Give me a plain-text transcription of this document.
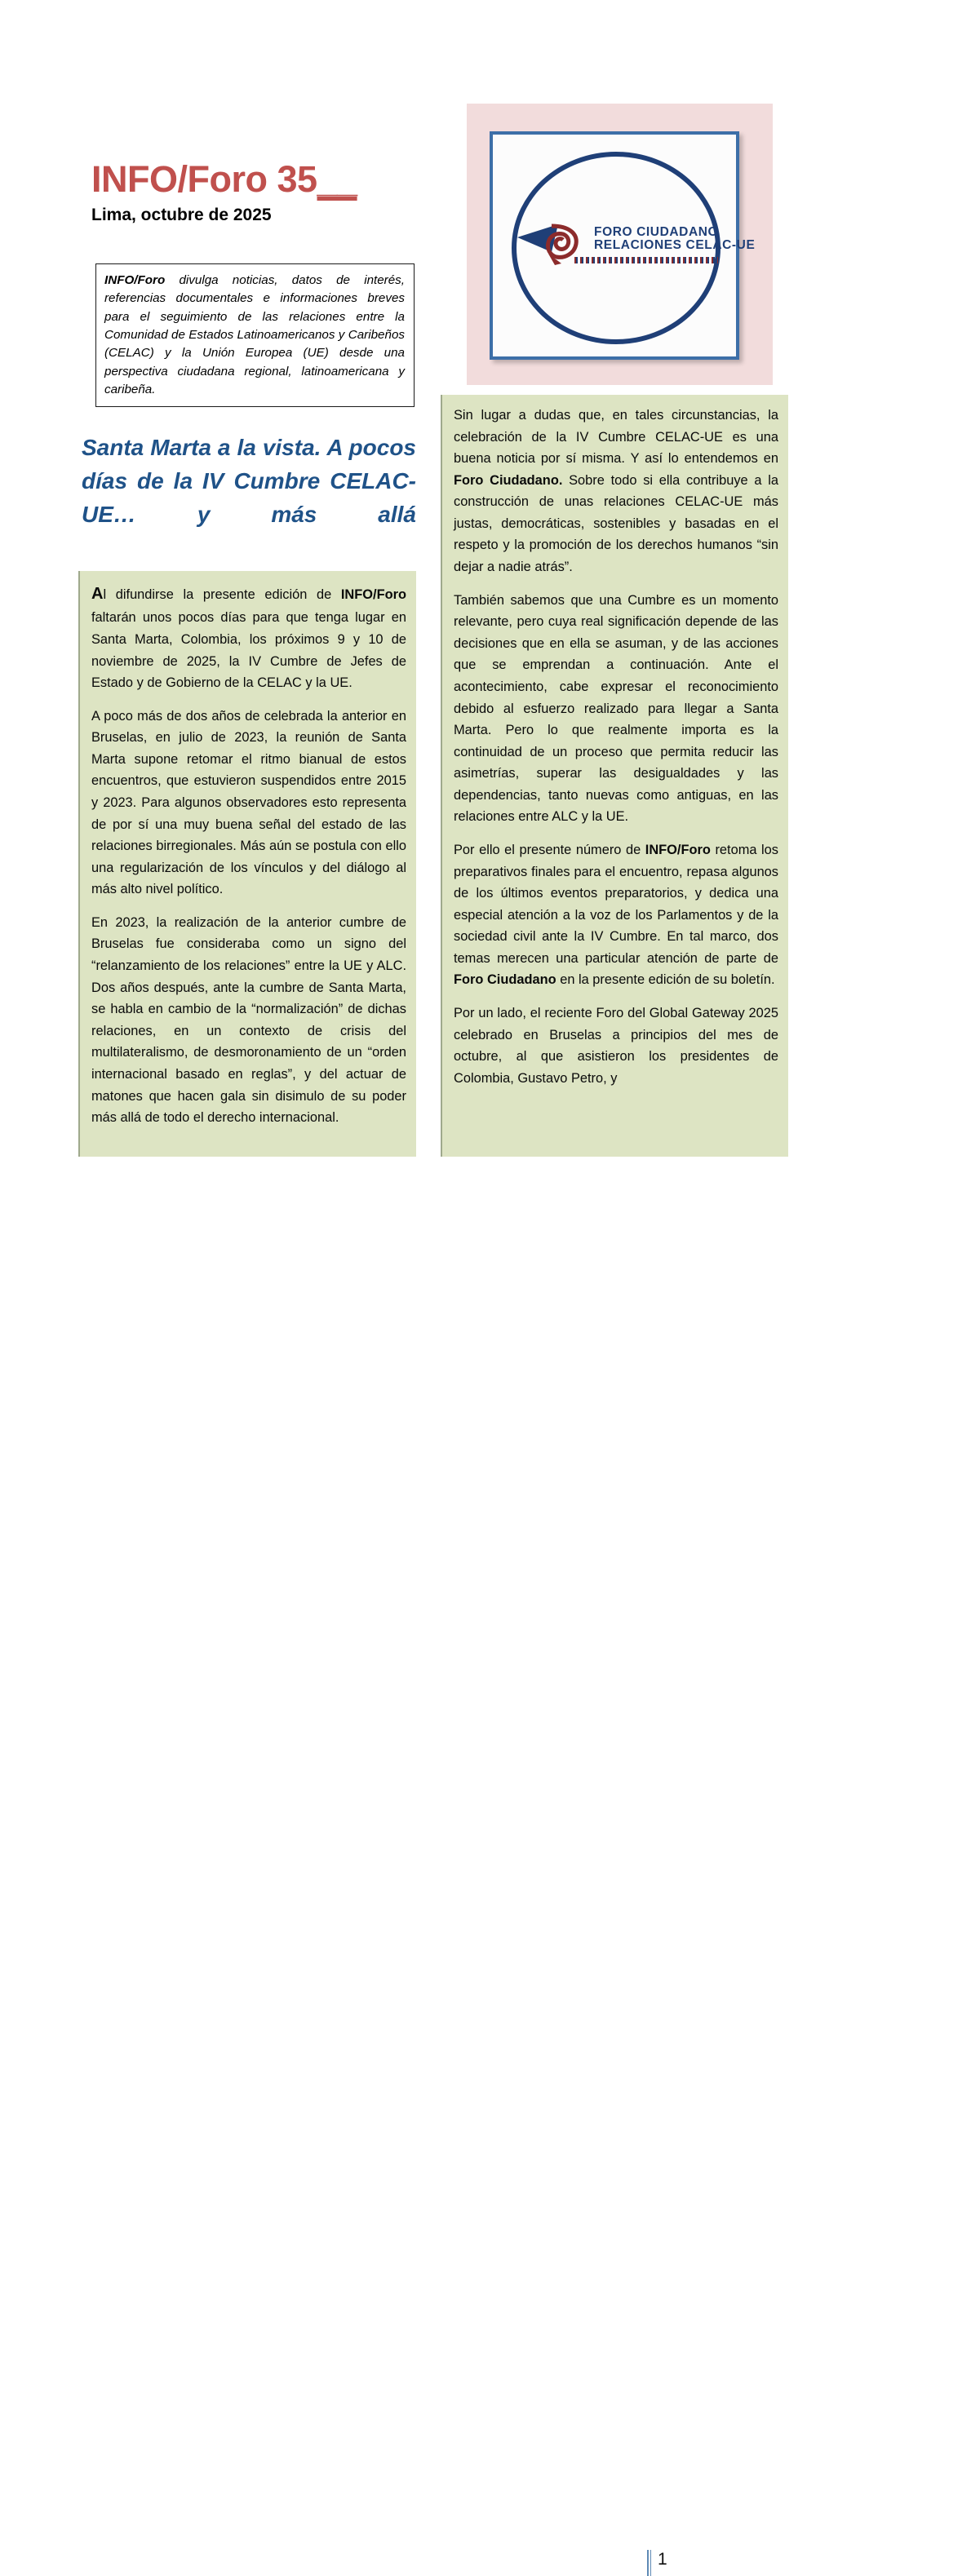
INFO/Foro 35__
Lima, octubre de 2025
INFO/Foro divulga noticias, datos de interés, referencias documentales e informaciones breves para el seguimiento de las relaciones entre la Comunidad de Estados Latinoamericanos y Caribeños (CELAC) y la Unión Europea (UE) desde una perspectiva ciudadana regional, latinoamericana y caribeña.
Santa Marta a la vista. A pocos días de la IV Cumbre CELAC-UE… y más allá
FORO CIUDADANO
RELACIONES CELAC-UE

Al difundirse la presente edición de INFO/Foro faltarán unos pocos días para que tenga lugar en Santa Marta, Colombia, los próximos 9 y 10 de noviembre de 2025, la IV Cumbre de Jefes de Estado y de Gobierno de la CELAC y la UE.

A poco más de dos años de celebrada la anterior en Bruselas, en julio de 2023, la reunión de Santa Marta supone retomar el ritmo bianual de estos encuentros, que estuvieron suspendidos entre 2015 y 2023. Para algunos observadores esto representa de por sí una muy buena señal del estado de las relaciones birregionales. Más aún se postula con ello una regularización de los vínculos y del diálogo al más alto nivel político.

En 2023, la realización de la anterior cumbre de Bruselas fue consideraba como un signo del “relanzamiento de los relaciones” entre la UE y ALC. Dos años después, ante la cumbre de Santa Marta, se habla en cambio de la “normalización” de dichas relaciones, en un contexto de crisis del multilateralismo, de desmoronamiento de un “orden internacional basado en reglas”, y del actuar de matones que hacen gala sin disimulo de su poder más allá de todo el derecho internacional.

Sin lugar a dudas que, en tales circunstancias, la celebración de la IV Cumbre CELAC-UE es una buena noticia por sí misma. Y así lo entendemos en Foro Ciudadano. Sobre todo si ella contribuye a la construcción de unas relaciones CELAC-UE más justas, democráticas, sostenibles y basadas en el respeto y la promoción de los derechos humanos “sin dejar a nadie atrás”.

También sabemos que una Cumbre es un momento relevante, pero cuya real significación depende de las decisiones que en ella se asuman, y de las acciones que se emprendan a continuación. Ante el acontecimiento, cabe expresar el reconocimiento debido al esfuerzo realizado para llegar a Santa Marta. Pero lo que realmente importa es la continuidad de un proceso que permita reducir las asimetrías, superar las desigualdades y las dependencias, tanto nuevas como antiguas, en las relaciones entre ALC y la UE.

Por ello el presente número de INFO/Foro retoma los preparativos finales para el encuentro, repasa algunos de los últimos eventos preparatorios, y dedica una especial atención a la voz de los Parlamentos y de la sociedad civil ante la IV Cumbre. En tal marco, dos temas merecen una particular atención de parte de Foro Ciudadano en la presente edición de su boletín.

Por un lado, el reciente Foro del Global Gateway 2025 celebrado en Bruselas a principios del mes de octubre, al que asistieron los presidentes de Colombia, Gustavo Petro, y

1
